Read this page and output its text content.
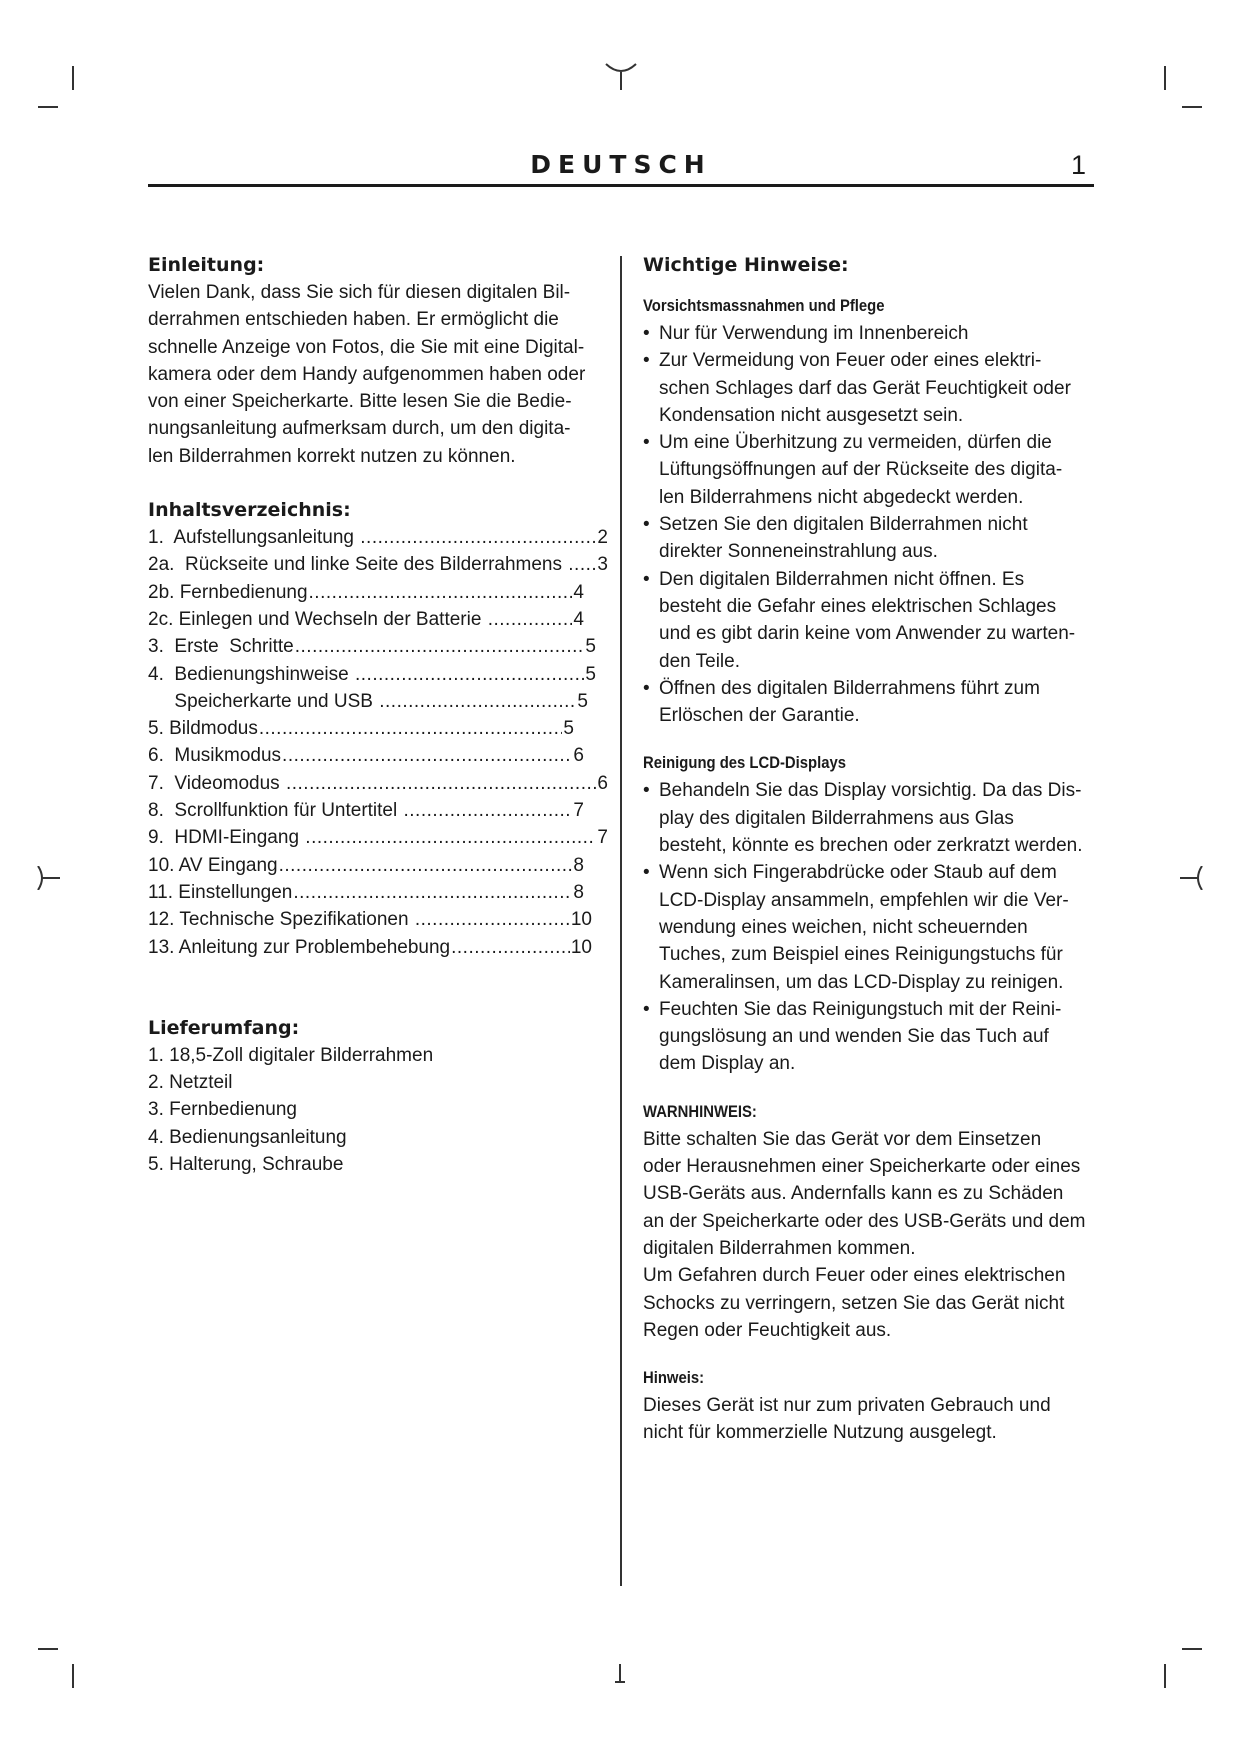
DEUTSCH	1
Einleitung:

Vielen Dank, dass Sie sich für diesen digitalen Bil-

derrahmen entschieden haben. Er ermöglicht die

schnelle Anzeige von Fotos, die Sie mit eine Digital-

kamera oder dem Handy aufgenommen haben oder

von einer Speicherkarte. Bitte lesen Sie die Bedie-

nungsanleitung aufmerksam durch, um den digita-

len Bilderrahmen korrekt nutzen zu können.

Inhaltsverzeichnis:
1.  Aufstellungsanleitung .....	2
2a.  Rückseite und linke Seite des Bilderrahmens ..... 3
2b. Fernbedienung .....	4
2c. Einlegen und Wechseln der Batterie .....	4
3.  Erste  Schritte .....	5
4.  Bedienungshinweise .....	5
Speicherkarte und USB .....	5
5. Bildmodus .....	5
6.  Musikmodus .....	6
7.  Videomodus .....	6
8.  Scrollfunktion für Untertitel .....	7
9.  HDMI-Eingang .....	7
10. AV Eingang .....	8
11. Einstellungen .....	8
12. Technische Spezifikationen .....	10
13. Anleitung zur Problembehebung .....	10
Lieferumfang:
1. 18,5-Zoll digitaler Bilderrahmen
2. Netzteil
3. Fernbedienung
4. Bedienungsanleitung
5. Halterung, Schraube
Wichtige Hinweise:
Vorsichtsmassnahmen und Pflege
• Nur für Verwendung im Innenbereich
• Zur Vermeidung von Feuer oder eines elektri-
schen Schlages darf das Gerät Feuchtigkeit oder
Kondensation nicht ausgesetzt sein.
• Um eine Überhitzung zu vermeiden, dürfen die
Lüftungsöffnungen auf der Rückseite des digita-
len Bilderrahmens nicht abgedeckt werden.
• Setzen Sie den digitalen Bilderrahmen nicht
direkter Sonneneinstrahlung aus.
• Den digitalen Bilderrahmen nicht öffnen. Es
besteht die Gefahr eines elektrischen Schlages
und es gibt darin keine vom Anwender zu warten-
den Teile.
• Öffnen des digitalen Bilderrahmens führt zum
Erlöschen der Garantie.
Reinigung des LCD-Displays
• Behandeln Sie das Display vorsichtig. Da das Dis-
play des digitalen Bilderrahmens aus Glas
besteht, könnte es brechen oder zerkratzt werden.
• Wenn sich Fingerabdrücke oder Staub auf dem
LCD-Display ansammeln, empfehlen wir die Ver-
wendung eines weichen, nicht scheuernden
Tuches, zum Beispiel eines Reinigungstuchs für
Kameralinsen, um das LCD-Display zu reinigen.
• Feuchten Sie das Reinigungstuch mit der Reini-
gungslösung an und wenden Sie das Tuch auf
dem Display an.
WARNHINWEIS:

Bitte schalten Sie das Gerät vor dem Einsetzen

oder Herausnehmen einer Speicherkarte oder eines

USB-Geräts aus. Andernfalls kann es zu Schäden

an der Speicherkarte oder des USB-Geräts und dem

digitalen Bilderrahmen kommen.

Um Gefahren durch Feuer oder eines elektrischen

Schocks zu verringern, setzen Sie das Gerät nicht

Regen oder Feuchtigkeit aus.

Hinweis:

Dieses Gerät ist nur zum privaten Gebrauch und

nicht für kommerzielle Nutzung ausgelegt.
